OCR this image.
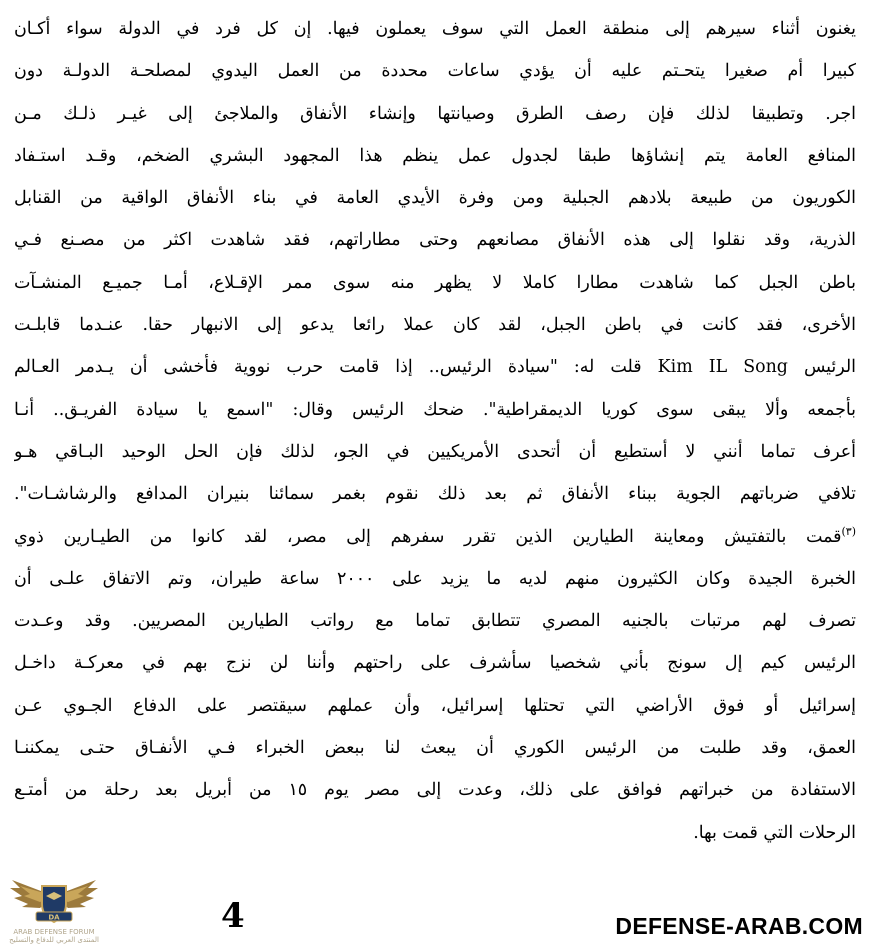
يغنون أثناء سيرهم إلى منطقة العمل التي سوف يعملون فيها. إن كل فرد في الدولة سواء أكـان
كبيرا أم صغيرا يتحـتم عليه أن يؤدي ساعات محددة من العمل اليدوي لمصلحـة الدولـة دون
اجر. وتطبيقا لذلك فإن رصف الطرق وصيانتها وإنشاء الأنفاق والملاجئ إلى غيـر ذلـك مـن
المنافع العامة يتم إنشاؤها طبقا لجدول عمل ينظم هذا المجهود البشري الضخم، وقـد استـفاد
الكوريون من طبيعة بلادهم الجبلية ومن وفرة الأيدي العامة في بناء الأنفاق الواقية من القنابل
الذرية، وقد نقلوا إلى هذه الأنفاق مصانعهم وحتى مطاراتهم، فقد شاهدت اكثر من مصـنع فـي
باطن الجبل كما شاهدت مطارا كاملا لا يظهر منه سوى ممر الإقـلاع، أمـا جميـع المنشـآت
الأخرى، فقد كانت في باطن الجبل، لقد كان عملا رائعا يدعو إلى الانبهار حقا. عنـدما قابلـت
الرئيس Kim IL Song قلت له: "سيادة الرئيس.. إذا قامت حرب نووية فأخشى أن يـدمر العـالم
بأجمعه وألا يبقى سوى كوريا الديمقراطية". ضحك الرئيس وقال: "اسمع يا سيادة الفريـق.. أنـا
أعرف تماما أنني لا أستطيع أن أتحدى الأمريكيين في الجو، لذلك فإن الحل الوحيد البـاقي هـو
تلافي ضرباتهم الجوية ببناء الأنفاق ثم بعد ذلك نقوم بغمر سمائنا بنيران المدافع والرشاشـات".
$^{(٣)}$قمت بالتفتيش ومعاينة الطيارين الذين تقرر سفرهم إلى مصر، لقد كانوا من الطيـارين ذوي
الخبرة الجيدة وكان الكثيرون منهم لديه ما يزيد على ٢٠٠٠ ساعة طيران، وتم الاتفاق علـى أن
تصرف لهم مرتبات بالجنيه المصري تتطابق تماما مع رواتب الطيارين المصريين. وقد وعـدت
الرئيس كيم إل سونج بأني شخصيا سأشرف على راحتهم وأننا لن نزج بهم في معركـة داخـل
إسرائيل أو فوق الأراضي التي تحتلها إسرائيل، وأن عملهم سيقتصر على الدفاع الجـوي عـن
العمق، وقد طلبت من الرئيس الكوري أن يبعث لنا ببعض الخبراء فـي الأنفـاق حتـى يمكننـا
الاستفادة من خبراتهم فوافق على ذلك، وعدت إلى مصر يوم ١٥ من أبريل بعد رحلة من أمتـع
الرحلات التي قمت بها.
DA
ARAB DEFENSE FORUM المنتدى العربي للدفاع والتسليح
4	DEFENSE-ARAB.COM
